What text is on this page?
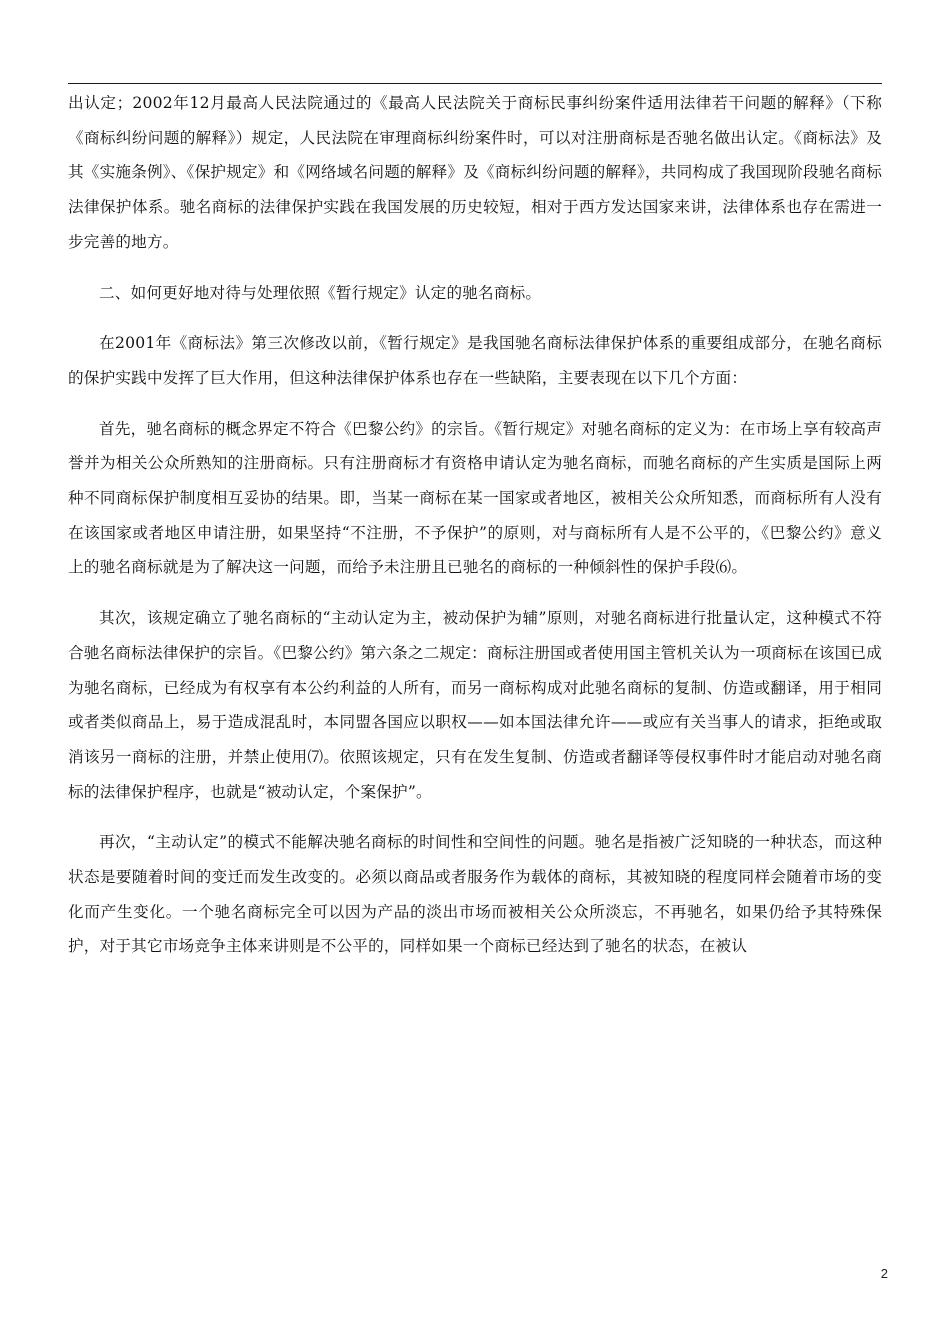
出认定；2002年12月最高人民法院通过的《最高人民法院关于商标民事纠纷案件适用法律若干问题的解释》（下称《商标纠纷问题的解释》）规定，人民法院在审理商标纠纷案件时，可以对注册商标是否驰名做出认定。《商标法》及其《实施条例》、《保护规定》和《网络域名问题的解释》及《商标纠纷问题的解释》，共同构成了我国现阶段驰名商标法律保护体系。驰名商标的法律保护实践在我国发展的历史较短，相对于西方发达国家来讲，法律体系也存在需进一步完善的地方。

二、如何更好地对待与处理依照《暂行规定》认定的驰名商标。

在2001年《商标法》第三次修改以前，《暂行规定》是我国驰名商标法律保护体系的重要组成部分，在驰名商标的保护实践中发挥了巨大作用，但这种法律保护体系也存在一些缺陷，主要表现在以下几个方面：

首先，驰名商标的概念界定不符合《巴黎公约》的宗旨。《暂行规定》对驰名商标的定义为：在市场上享有较高声誉并为相关公众所熟知的注册商标。只有注册商标才有资格申请认定为驰名商标，而驰名商标的产生实质是国际上两种不同商标保护制度相互妥协的结果。即，当某一商标在某一国家或者地区，被相关公众所知悉，而商标所有人没有在该国家或者地区申请注册，如果坚持“不注册，不予保护”的原则，对与商标所有人是不公平的，《巴黎公约》意义上的驰名商标就是为了解决这一问题，而给予未注册且已驰名的商标的一种倾斜性的保护手段⑹。

其次，该规定确立了驰名商标的“主动认定为主，被动保护为辅”原则，对驰名商标进行批量认定，这种模式不符合驰名商标法律保护的宗旨。《巴黎公约》第六条之二规定：商标注册国或者使用国主管机关认为一项商标在该国已成为驰名商标，已经成为有权享有本公约利益的人所有，而另一商标构成对此驰名商标的复制、仿造或翻译，用于相同或者类似商品上，易于造成混乱时，本同盟各国应以职权——如本国法律允许——或应有关当事人的请求，拒绝或取消该另一商标的注册，并禁止使用⑺。依照该规定，只有在发生复制、仿造或者翻译等侵权事件时才能启动对驰名商标的法律保护程序，也就是“被动认定，个案保护”。

再次，“主动认定”的模式不能解决驰名商标的时间性和空间性的问题。驰名是指被广泛知晓的一种状态，而这种状态是要随着时间的变迁而发生改变的。必须以商品或者服务作为载体的商标，其被知晓的程度同样会随着市场的变化而产生变化。一个驰名商标完全可以因为产品的淡出市场而被相关公众所淡忘，不再驰名，如果仍给予其特殊保护，对于其它市场竞争主体来讲则是不公平的，同样如果一个商标已经达到了驰名的状态，在被认

2
